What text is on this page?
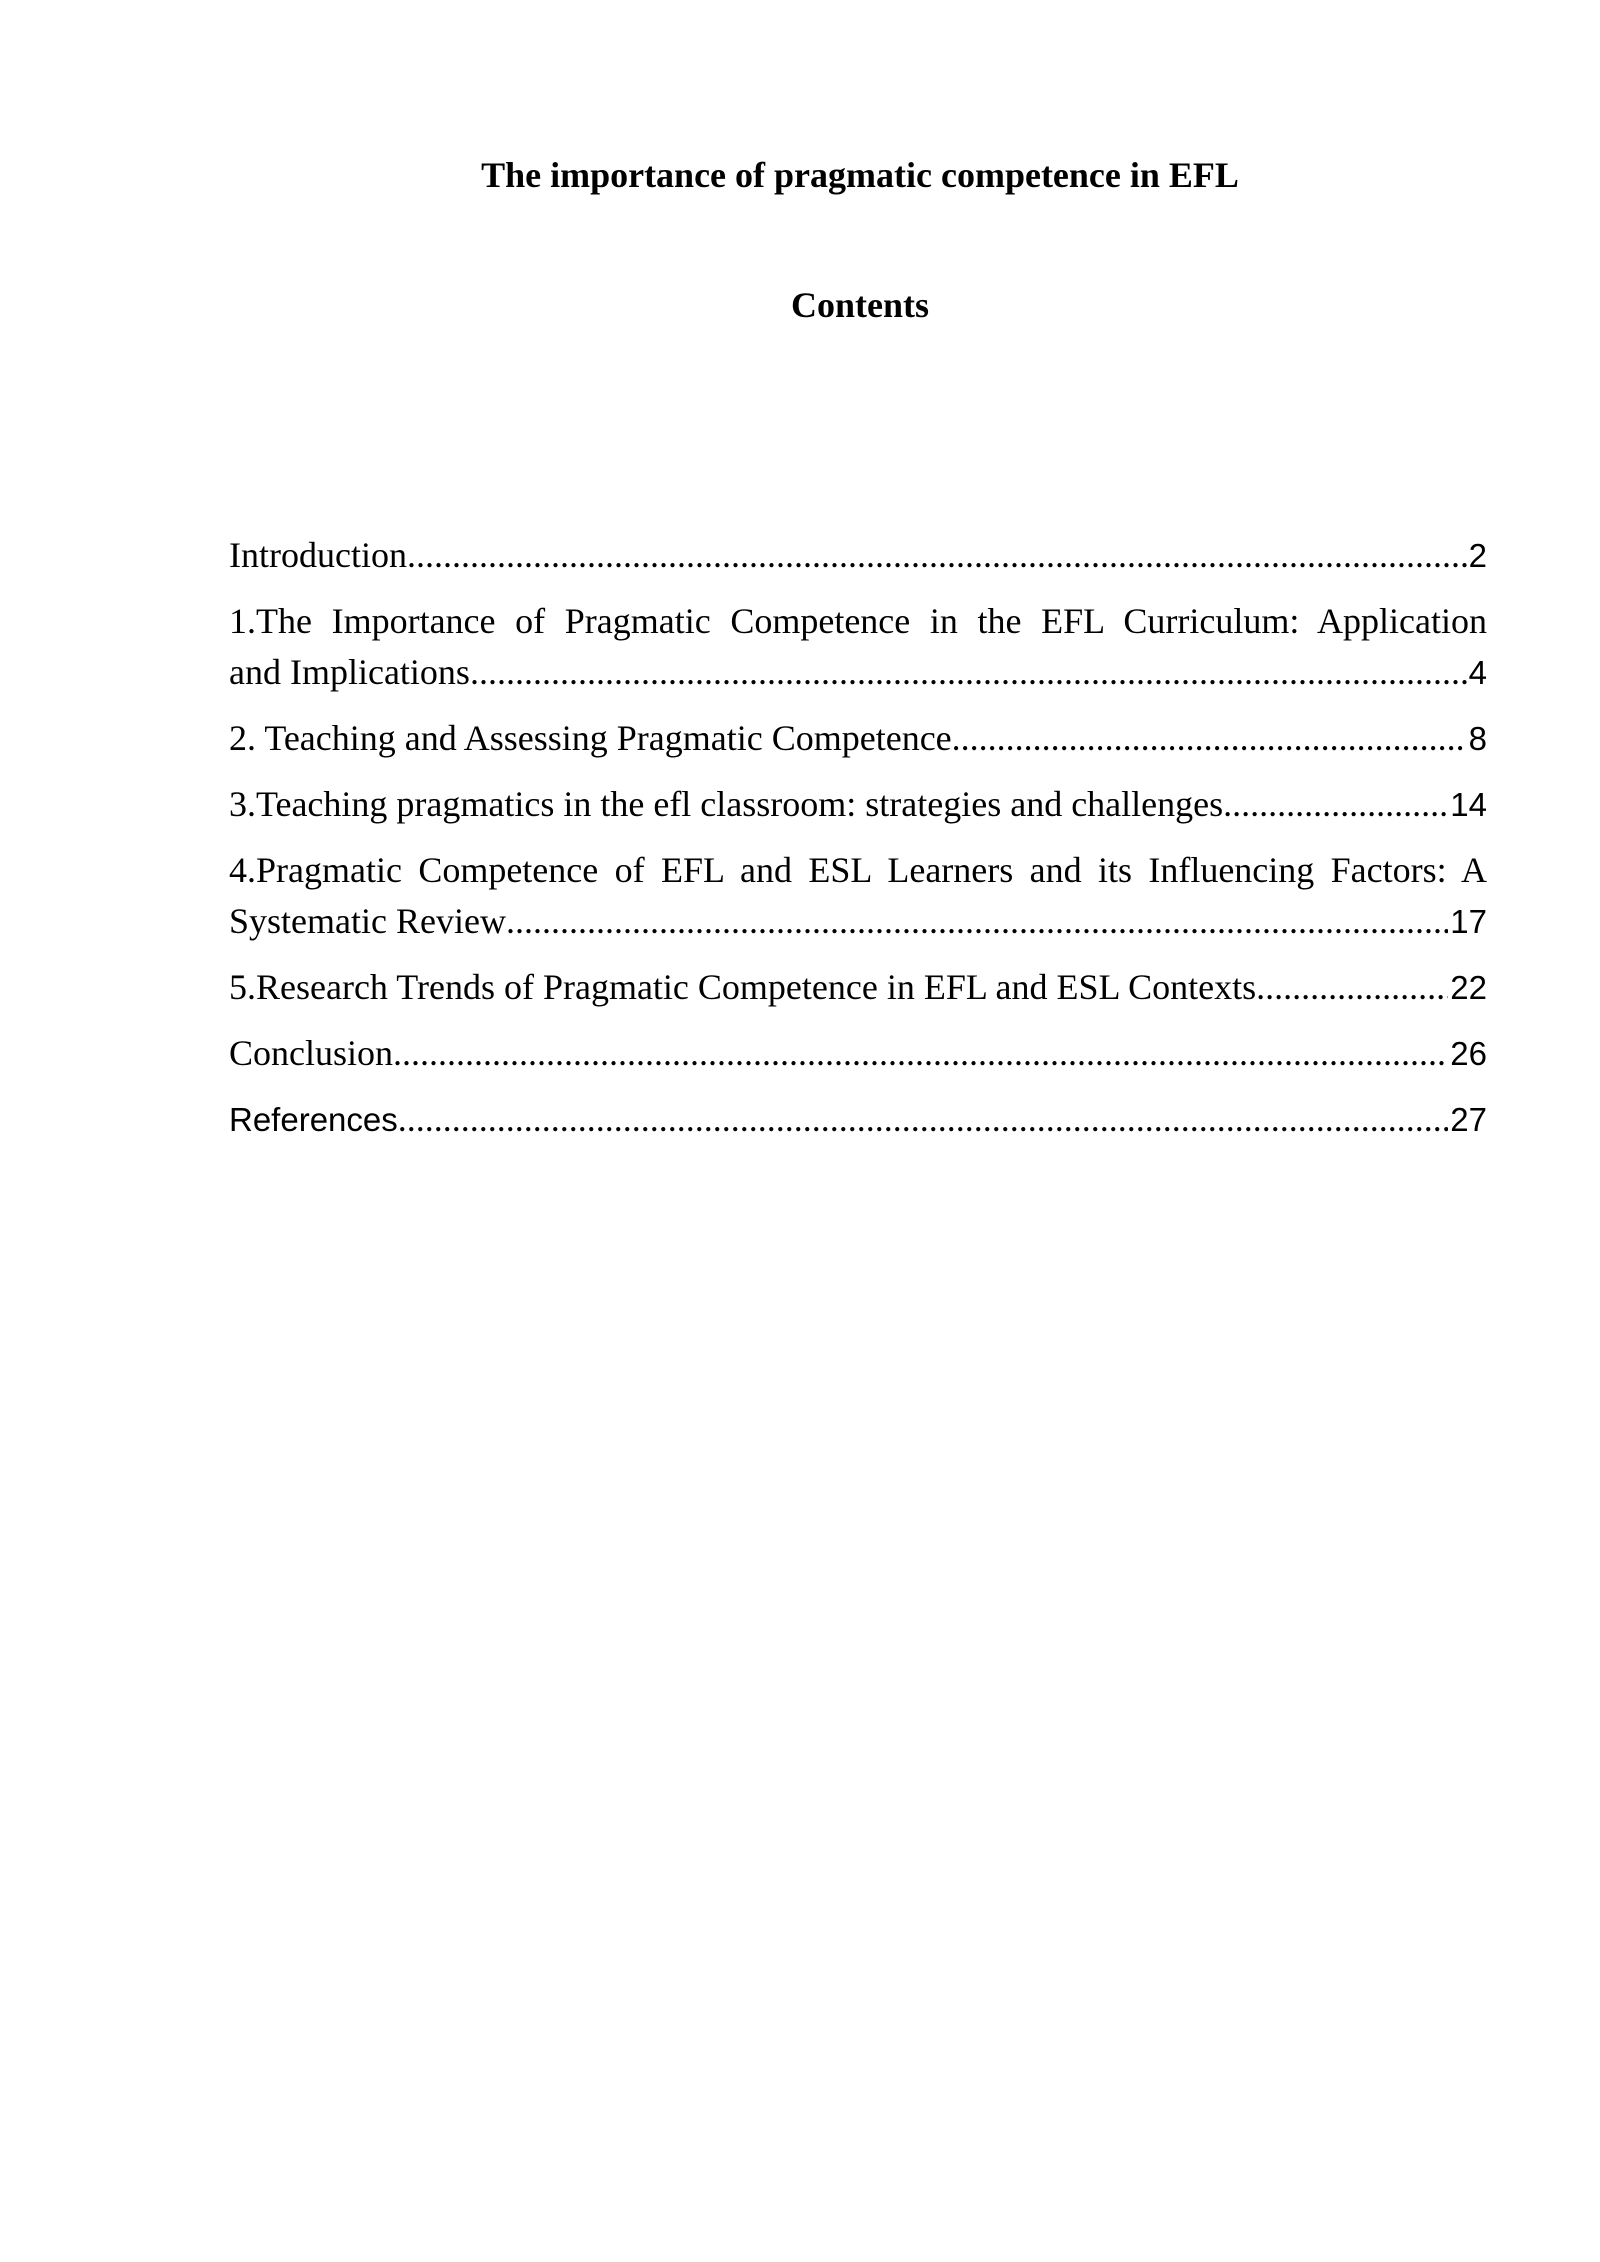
The importance of pragmatic competence in EFL
Contents
Introduction .....	2
1.The Importance of Pragmatic Competence in the EFL Curriculum: Application
and Implications .....	4
2. Teaching and Assessing Pragmatic Competence .....	8
3.Teaching pragmatics in the efl classroom: strategies and challenges .....	14
4.Pragmatic Competence of EFL and ESL Learners and its Influencing Factors: A
Systematic Review .....	17
5.Research Trends of Pragmatic Competence in EFL and ESL Contexts .....	22
Conclusion .....	26
References .....	27
